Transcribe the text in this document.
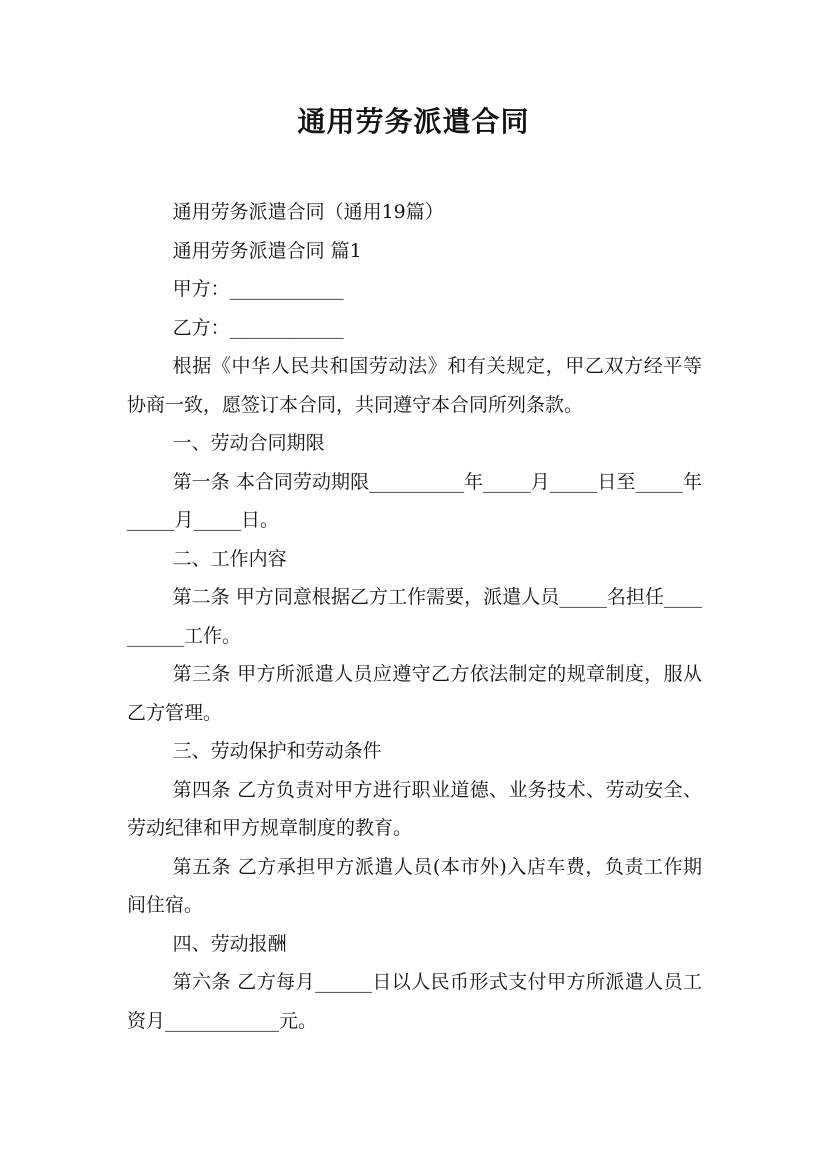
通用劳务派遣合同

通用劳务派遣合同（通用19篇）

通用劳务派遣合同 篇1

甲方：____________

乙方：____________

根据《中华人民共和国劳动法》和有关规定，甲乙双方经平等协商一致，愿签订本合同，共同遵守本合同所列条款。

一、劳动合同期限

第一条 本合同劳动期限__________年_____月_____日至_____年_____月_____日。

二、工作内容

第二条 甲方同意根据乙方工作需要，派遣人员_____名担任__________工作。

第三条 甲方所派遣人员应遵守乙方依法制定的规章制度，服从乙方管理。

三、劳动保护和劳动条件

第四条 乙方负责对甲方进行职业道德、业务技术、劳动安全、劳动纪律和甲方规章制度的教育。

第五条 乙方承担甲方派遣人员(本市外)入店车费，负责工作期间住宿。

四、劳动报酬

第六条 乙方每月______日以人民币形式支付甲方所派遣人员工资月____________元。
